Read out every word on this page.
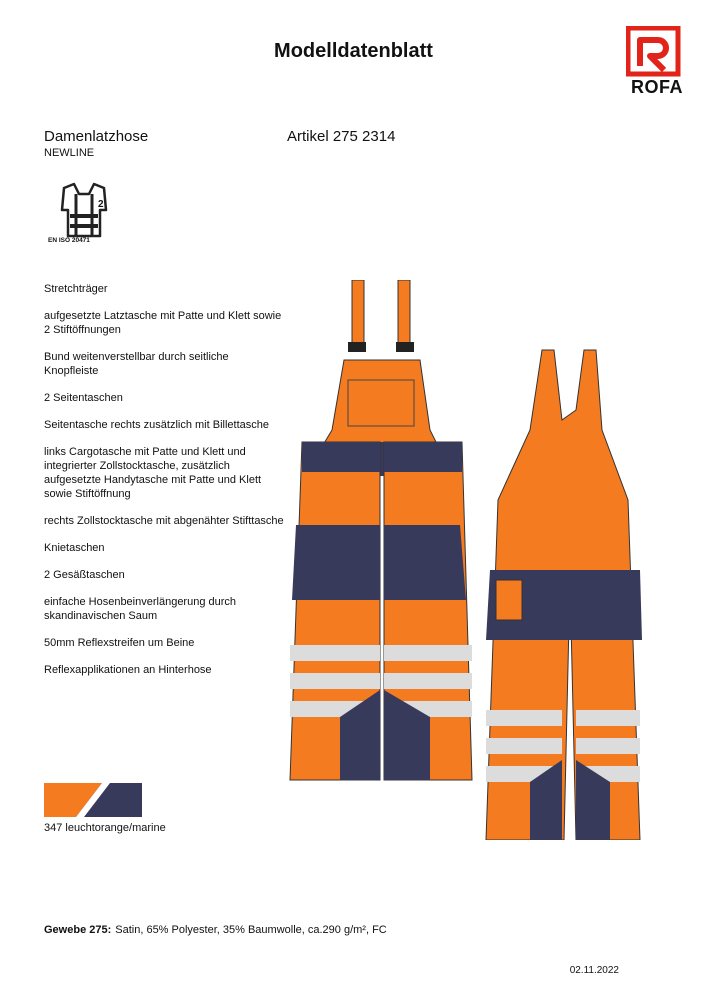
Modelldatenblatt
ROFA
Damenlatzhose
NEWLINE
Artikel 275 2314
2
EN ISO 20471
Stretchträger
aufgesetzte Latztasche mit Patte und Klett sowie 2 Stiftöffnungen
Bund weitenverstellbar durch seitliche Knopfleiste
2 Seitentaschen
Seitentasche rechts zusätzlich mit Billettasche
links Cargotasche mit Patte und Klett und integrierter Zollstocktasche, zusätzlich aufgesetzte Handytasche mit Patte und Klett sowie Stiftöffnung
rechts Zollstocktasche mit abgenähter Stifttasche
Knietaschen
2 Gesäßtaschen
einfache Hosenbeinverlängerung durch skandinavischen Saum
50mm Reflexstreifen um Beine
Reflexapplikationen an Hinterhose
347 leuchtorange/marine
Gewebe 275: Satin, 65% Polyester, 35% Baumwolle, ca.290 g/m², FC
02.11.2022
